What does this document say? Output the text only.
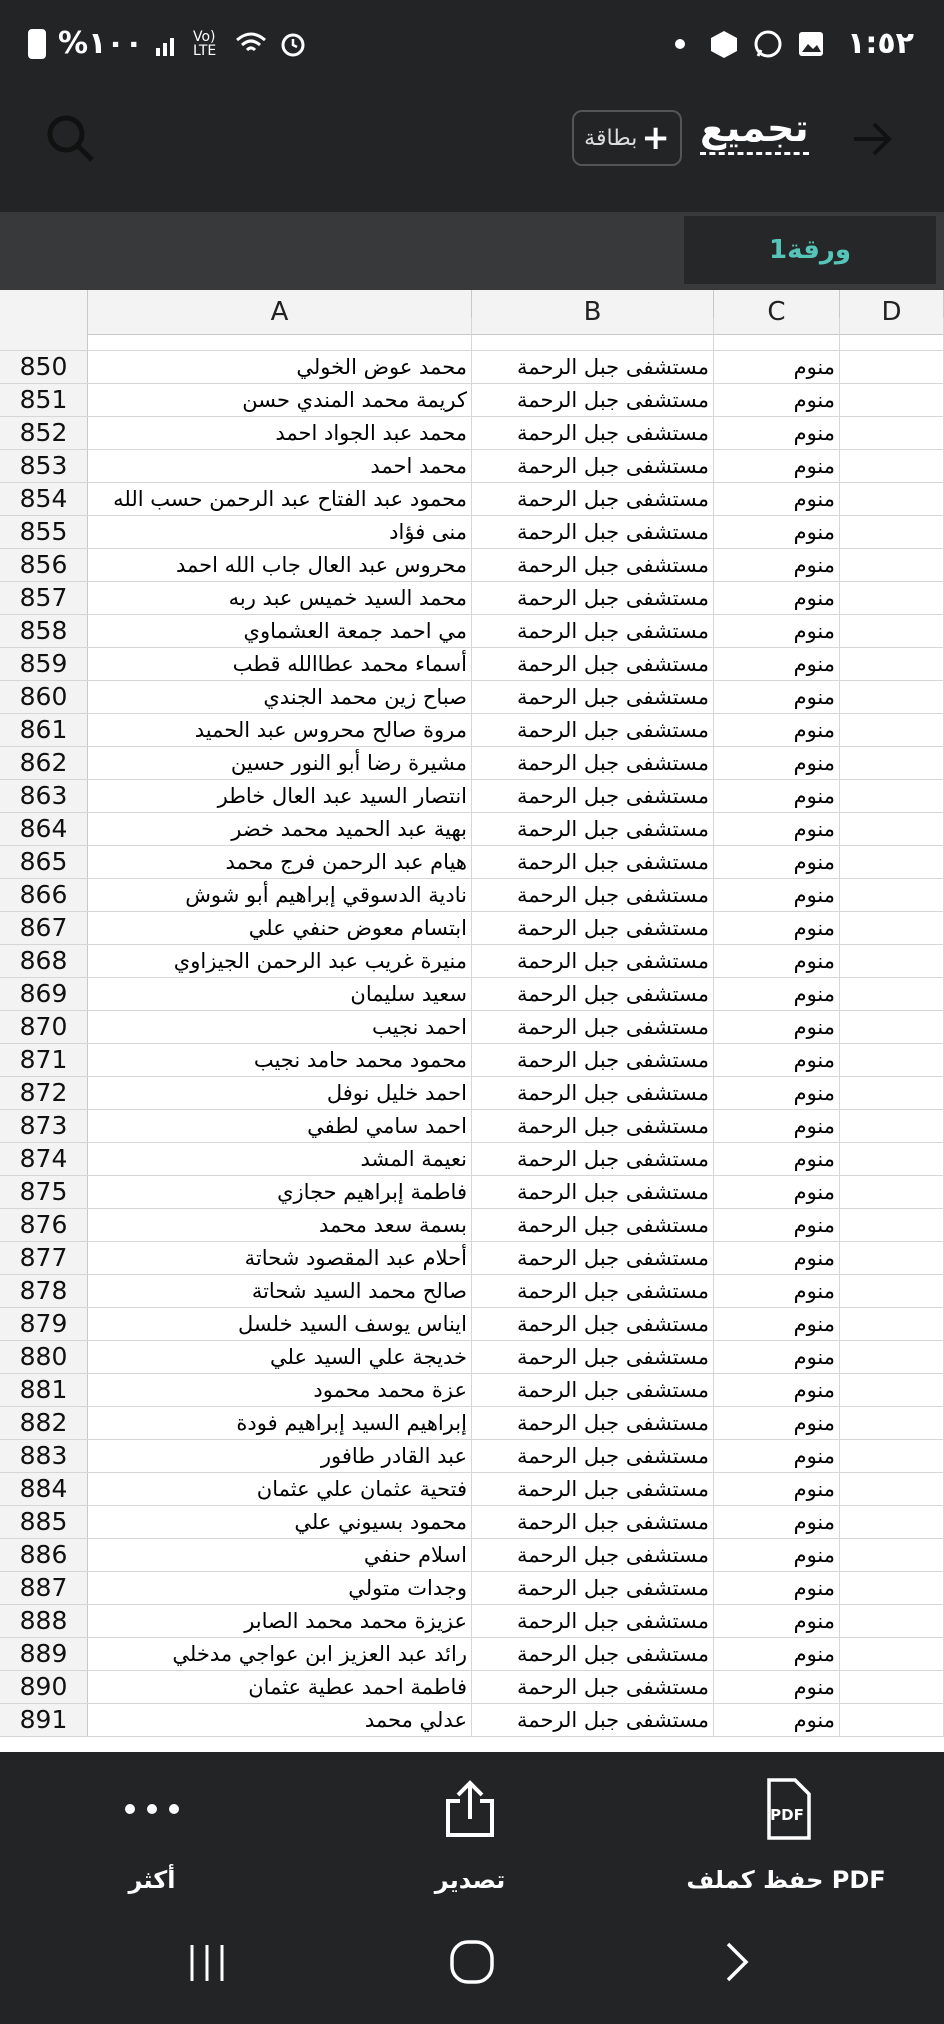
%١٠٠	Vo) LTE	١:٥٢
بطاقة + تجميع
ورقة1
A	B	C	D
850	محمد عوض الخولي	مستشفى جبل الرحمة	منوم
851	كريمة محمد المندي حسن	مستشفى جبل الرحمة	منوم
852	محمد عبد الجواد احمد	مستشفى جبل الرحمة	منوم
853	محمد احمد	مستشفى جبل الرحمة	منوم
854	محمود عبد الفتاح عبد الرحمن حسب الله	مستشفى جبل الرحمة	منوم
855	منى فؤاد	مستشفى جبل الرحمة	منوم
856	محروس عبد العال جاب الله احمد	مستشفى جبل الرحمة	منوم
857	محمد السيد خميس عبد ربه	مستشفى جبل الرحمة	منوم
858	مي احمد جمعة العشماوي	مستشفى جبل الرحمة	منوم
859	أسماء محمد عطاالله قطب	مستشفى جبل الرحمة	منوم
860	صباح زين محمد الجندي	مستشفى جبل الرحمة	منوم
861	مروة صالح محروس عبد الحميد	مستشفى جبل الرحمة	منوم
862	مشيرة رضا أبو النور حسين	مستشفى جبل الرحمة	منوم
863	انتصار السيد عبد العال خاطر	مستشفى جبل الرحمة	منوم
864	بهية عبد الحميد محمد خضر	مستشفى جبل الرحمة	منوم
865	هيام عبد الرحمن فرج محمد	مستشفى جبل الرحمة	منوم
866	نادية الدسوقي إبراهيم أبو شوش	مستشفى جبل الرحمة	منوم
867	ابتسام معوض حنفي علي	مستشفى جبل الرحمة	منوم
868	منيرة غريب عبد الرحمن الجيزاوي	مستشفى جبل الرحمة	منوم
869	سعيد سليمان	مستشفى جبل الرحمة	منوم
870	احمد نجيب	مستشفى جبل الرحمة	منوم
871	محمود محمد حامد نجيب	مستشفى جبل الرحمة	منوم
872	احمد خليل نوفل	مستشفى جبل الرحمة	منوم
873	احمد سامي لطفي	مستشفى جبل الرحمة	منوم
874	نعيمة المشد	مستشفى جبل الرحمة	منوم
875	فاطمة إبراهيم حجازي	مستشفى جبل الرحمة	منوم
876	بسمة سعد محمد	مستشفى جبل الرحمة	منوم
877	أحلام عبد المقصود شحاتة	مستشفى جبل الرحمة	منوم
878	صالح محمد السيد شحاتة	مستشفى جبل الرحمة	منوم
879	ايناس يوسف السيد خلسل	مستشفى جبل الرحمة	منوم
880	خديجة علي السيد علي	مستشفى جبل الرحمة	منوم
881	عزة محمد محمود	مستشفى جبل الرحمة	منوم
882	إبراهيم السيد إبراهيم فودة	مستشفى جبل الرحمة	منوم
883	عبد القادر طافور	مستشفى جبل الرحمة	منوم
884	فتحية عثمان علي عثمان	مستشفى جبل الرحمة	منوم
885	محمود بسيوني علي	مستشفى جبل الرحمة	منوم
886	اسلام حنفي	مستشفى جبل الرحمة	منوم
887	وجدات متولي	مستشفى جبل الرحمة	منوم
888	عزيزة محمد محمد الصابر	مستشفى جبل الرحمة	منوم
889	رائد عبد العزيز ابن عواجي مدخلي	مستشفى جبل الرحمة	منوم
890	فاطمة احمد عطية عثمان	مستشفى جبل الرحمة	منوم
891	عدلي محمد	مستشفى جبل الرحمة	منوم
أكثر	تصدير
PDF
حفظ كملف PDF
